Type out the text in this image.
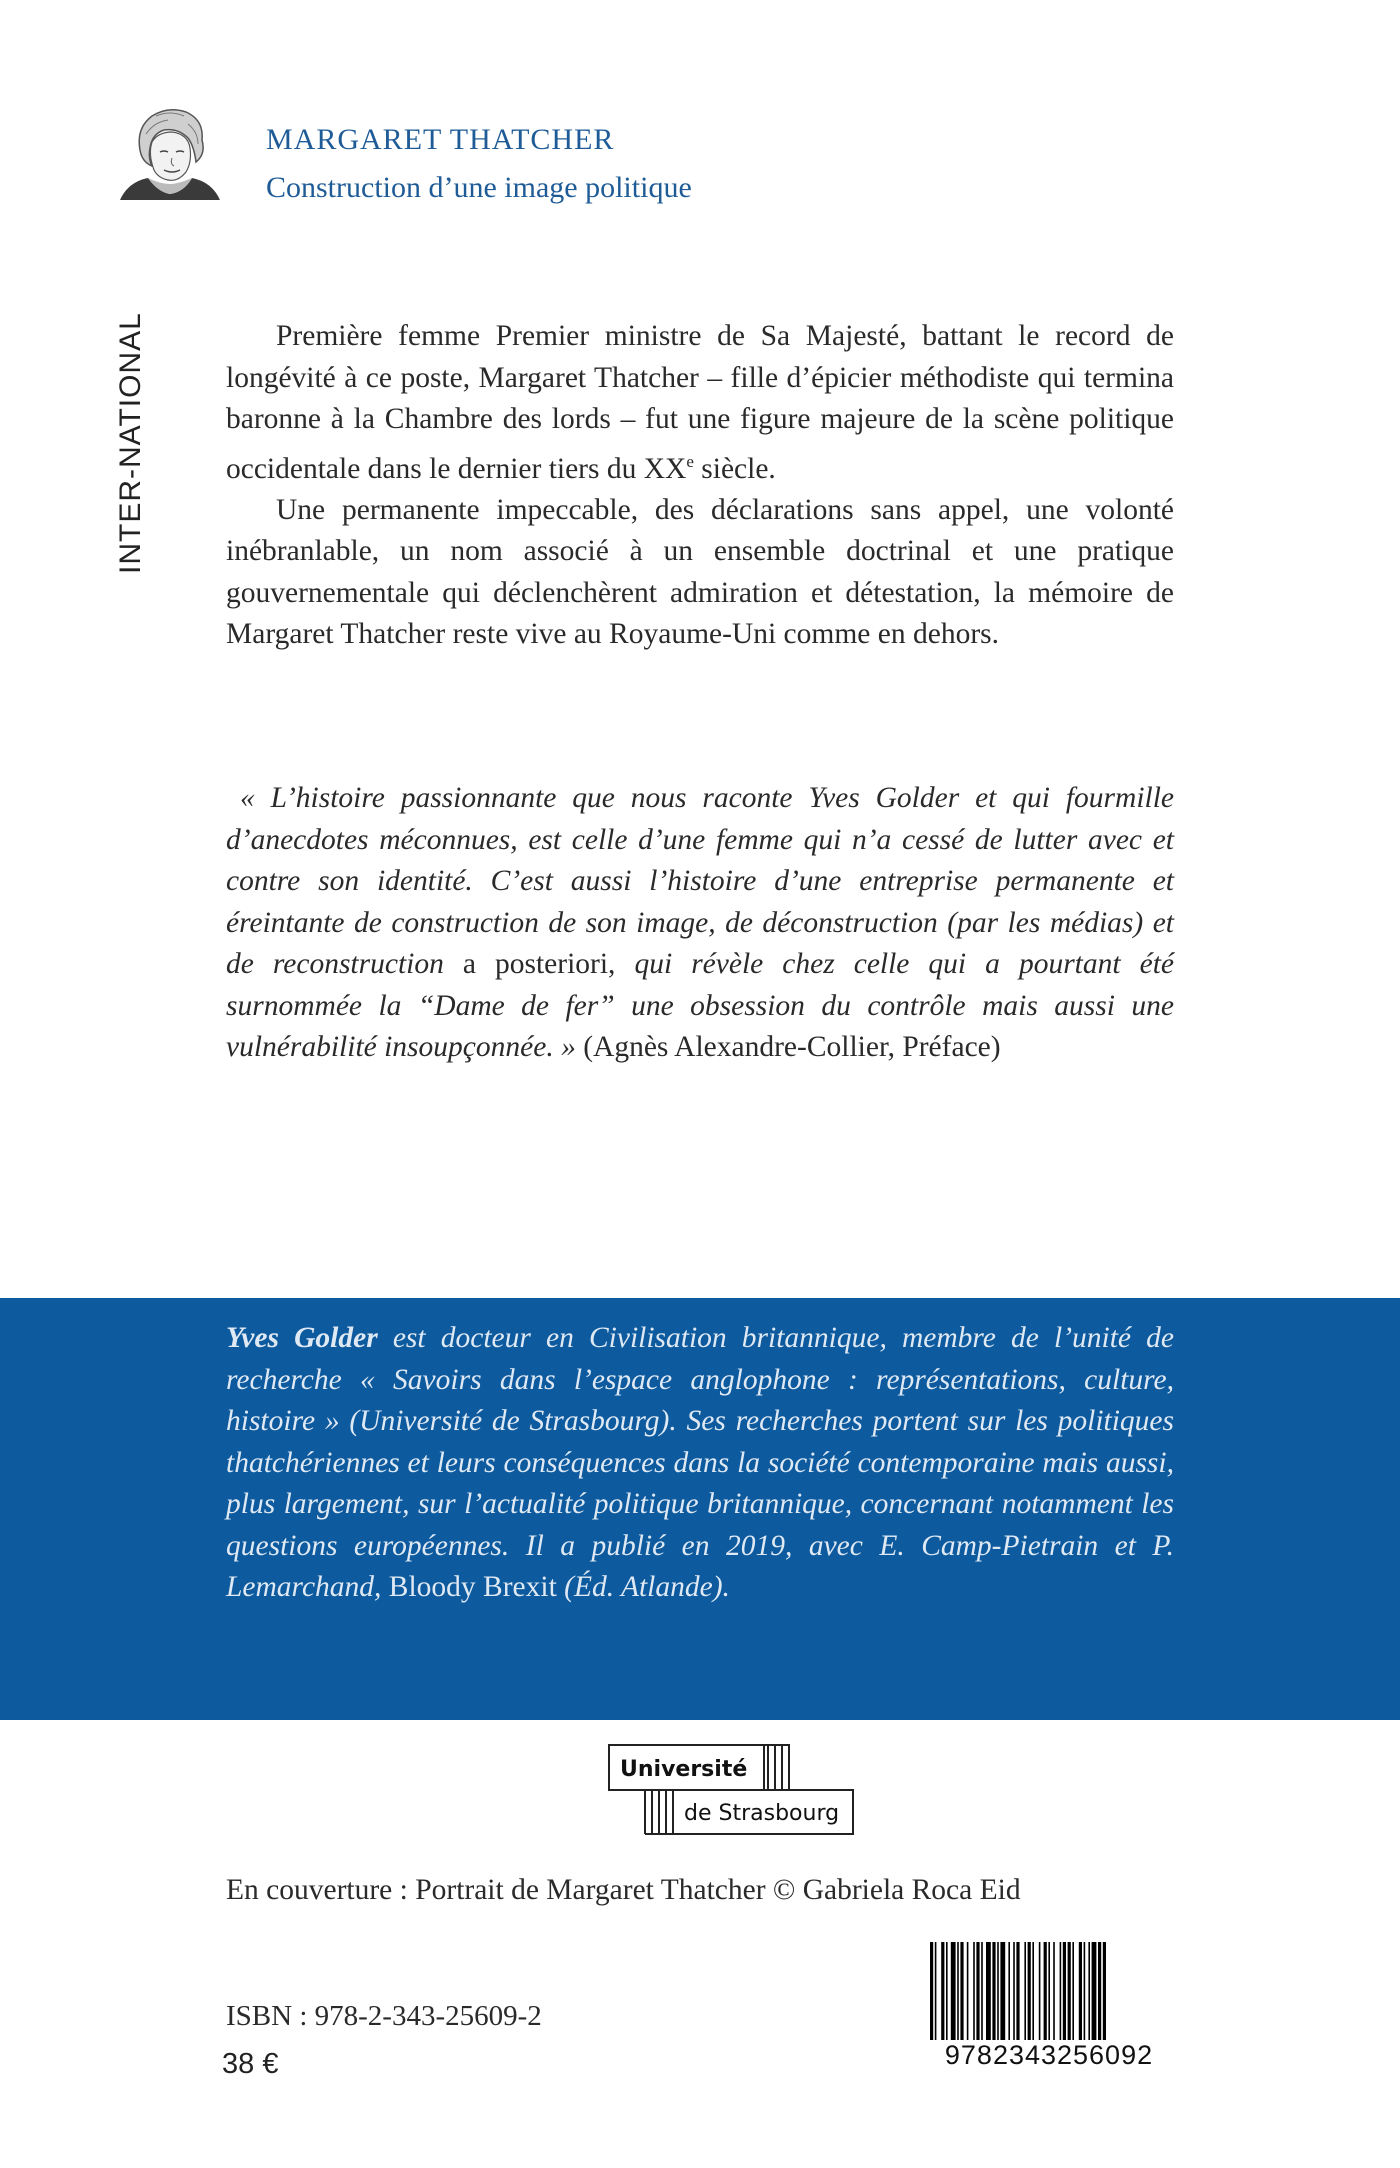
MARGARET THATCHER
Construction d’une image politique
INTER-NATIONAL	Première femme Premier ministre de Sa Majesté, battant le record de longévité à ce poste, Margaret Thatcher – fille d’épicier méthodiste qui termina baronne à la Chambre des lords – fut une figure majeure de la scène politique occidentale dans le dernier tiers du XXe siècle.

Une permanente impeccable, des déclarations sans appel, une volonté inébranlable, un nom associé à un ensemble doctrinal et une pratique gouvernementale qui déclenchèrent admiration et détestation, la mémoire de Margaret Thatcher reste vive au Royaume-Uni comme en dehors.

« L’histoire passionnante que nous raconte Yves Golder et qui fourmille d’anecdotes méconnues, est celle d’une femme qui n’a cessé de lutter avec et contre son identité. C’est aussi l’histoire d’une entreprise permanente et éreintante de construction de son image, de déconstruction (par les médias) et de reconstruction a posteriori, qui révèle chez celle qui a pourtant été surnommée la “Dame de fer” une obsession du contrôle mais aussi une vulnérabilité insoupçonnée. » (Agnès Alexandre-Collier, Préface)

Yves Golder est docteur en Civilisation britannique, membre de l’unité de recherche « Savoirs dans l’espace anglophone : représentations, culture, histoire » (Université de Strasbourg). Ses recherches portent sur les politiques thatchériennes et leurs conséquences dans la société contemporaine mais aussi, plus largement, sur l’actualité politique britannique, concernant notamment les questions européennes. Il a publié en 2019, avec E. Camp-Pietrain et P. Lemarchand, Bloody Brexit (Éd. Atlande).

Université
de Strasbourg
En couverture : Portrait de Margaret Thatcher © Gabriela Roca Eid
ISBN : 978-2-343-25609-2
38 €	9782343256092
